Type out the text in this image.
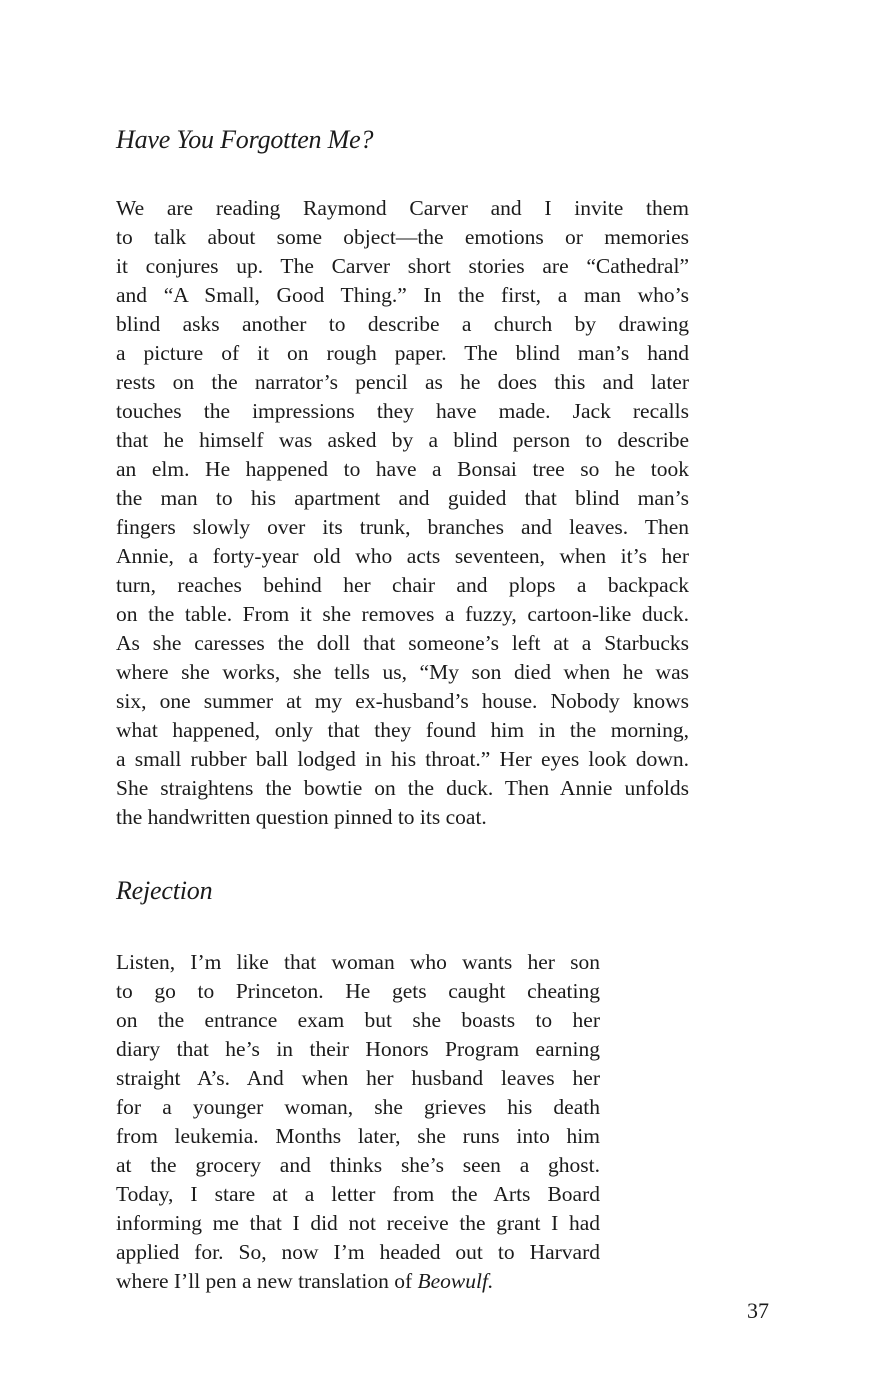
Have You Forgotten Me?
We are reading Raymond Carver and I invite them
to talk about some object—the emotions or memories
it conjures up. The Carver short stories are “Cathedral”
and “A Small, Good Thing.” In the first, a man who’s
blind asks another to describe a church by drawing
a picture of it on rough paper. The blind man’s hand
rests on the narrator’s pencil as he does this and later
touches the impressions they have made. Jack recalls
that he himself was asked by a blind person to describe
an elm. He happened to have a Bonsai tree so he took
the man to his apartment and guided that blind man’s
fingers slowly over its trunk, branches and leaves. Then
Annie, a forty-year old who acts seventeen, when it’s her
turn, reaches behind her chair and plops a backpack
on the table. From it she removes a fuzzy, cartoon-like duck.
As she caresses the doll that someone’s left at a Starbucks
where she works, she tells us, “My son died when he was
six, one summer at my ex-husband’s house. Nobody knows
what happened, only that they found him in the morning,
a small rubber ball lodged in his throat.” Her eyes look down.
She straightens the bowtie on the duck. Then Annie unfolds
the handwritten question pinned to its coat.
Rejection
Listen, I’m like that woman who wants her son
to go to Princeton. He gets caught cheating
on the entrance exam but she boasts to her
diary that he’s in their Honors Program earning
straight A’s. And when her husband leaves her
for a younger woman, she grieves his death
from leukemia. Months later, she runs into him
at the grocery and thinks she’s seen a ghost.
Today, I stare at a letter from the Arts Board
informing me that I did not receive the grant I had
applied for. So, now I’m headed out to Harvard
where I’ll pen a new translation of Beowulf.
37
